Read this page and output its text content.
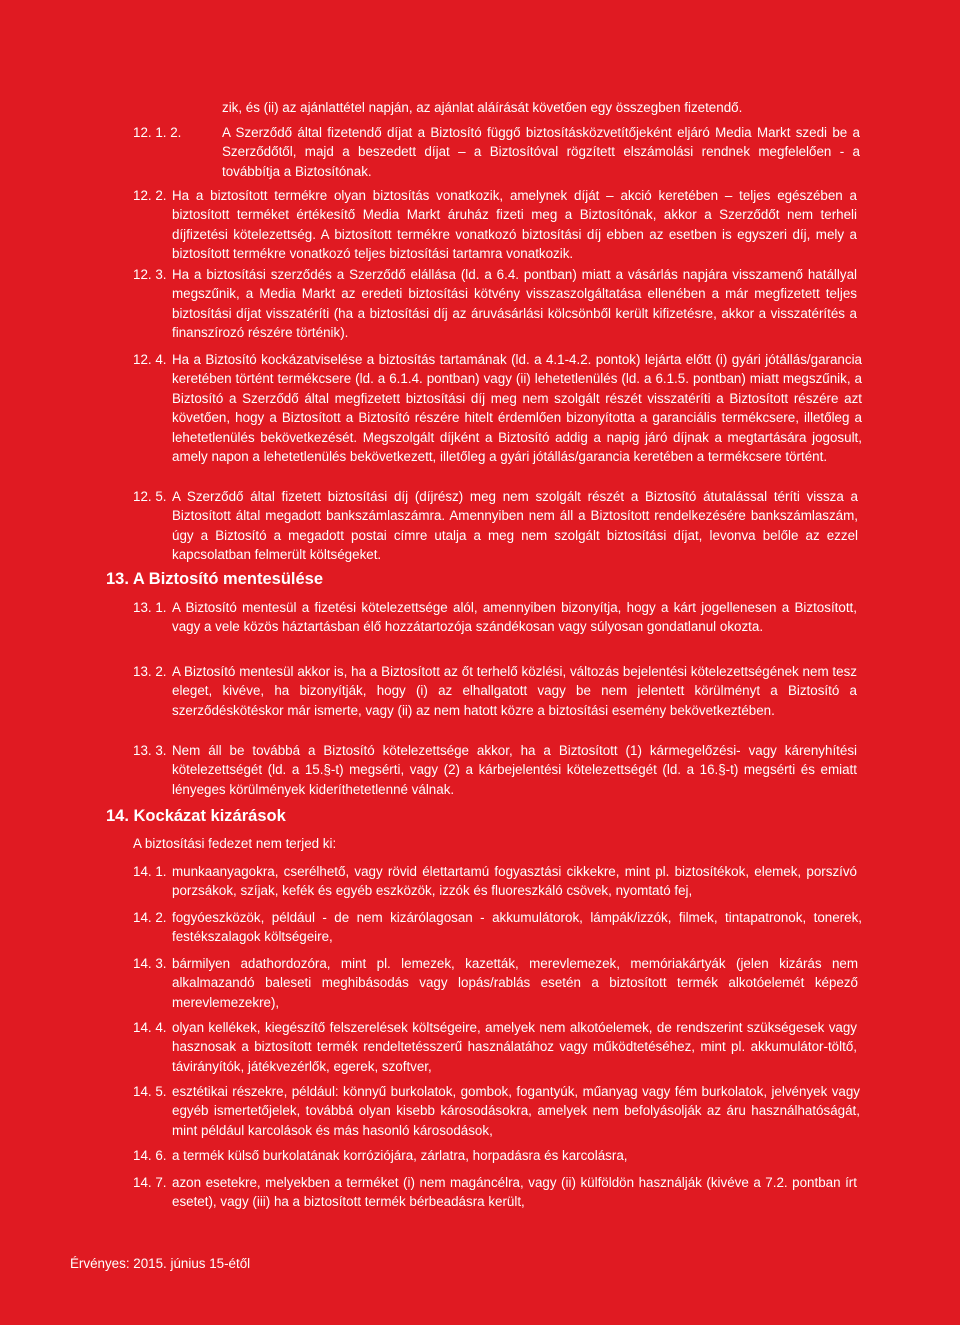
zik, és (ii) az ajánlattétel napján, az ajánlat aláírását követően egy összegben fizetendő.
12. 1. 2.	A Szerződő által fizetendő díjat a Biztosító függő biztosításközvetítőjeként eljáró Media Markt szedi be a Szerződőtől, majd a beszedett díjat – a Biztosítóval rögzített elszámolási rendnek megfelelően - a továbbítja a Biztosítónak.
12. 2. Ha a biztosított termékre olyan biztosítás vonatkozik, amelynek díját – akció keretében – teljes egészében a biztosított terméket értékesítő Media Markt áruház fizeti meg a Biztosítónak, akkor a Szerződőt nem terheli díjfizetési kötelezettség. A biztosított termékre vonatkozó biztosítási díj ebben az esetben is egyszeri díj, mely a biztosított termékre vonatkozó teljes biztosítási tartamra vonatkozik.
12. 3. Ha a biztosítási szerződés a Szerződő elállása (ld. a 6.4. pontban) miatt a vásárlás napjára visszamenő hatállyal megszűnik, a Media Markt az eredeti biztosítási kötvény visszaszolgáltatása ellenében a már megfizetett teljes biztosítási díjat visszatéríti (ha a biztosítási díj az áruvásárlási kölcsönből került kifizetésre, akkor a visszatérítés a finanszírozó részére történik).
12. 4. Ha a Biztosító kockázatviselése a biztosítás tartamának (ld. a 4.1-4.2. pontok) lejárta előtt (i) gyári jótállás/garancia keretében történt termékcsere (ld. a 6.1.4. pontban) vagy (ii) lehetetlenülés (ld. a 6.1.5. pontban) miatt megszűnik, a Biztosító a Szerződő által megfizetett biztosítási díj meg nem szolgált részét visszatéríti a Biztosított részére azt követően, hogy a Biztosított a Biztosító részére hitelt érdemlően bizonyította a garanciális termékcsere, illetőleg a lehetetlenülés bekövetkezését. Megszolgált díjként a Biztosító addig a napig járó díjnak a megtartására jogosult, amely napon a lehetetlenülés bekövetkezett, illetőleg a gyári jótállás/garancia keretében a termékcsere történt.
12. 5. A Szerződő által fizetett biztosítási díj (díjrész) meg nem szolgált részét a Biztosító átutalással téríti vissza a Biztosított által megadott bankszámlaszámra. Amennyiben nem áll a Biztosított rendelkezésére bankszámlaszám, úgy a Biztosító a megadott postai címre utalja a meg nem szolgált biztosítási díjat, levonva belőle az ezzel kapcsolatban felmerült költségeket.
13. A Biztosító mentesülése
13. 1. A Biztosító mentesül a fizetési kötelezettsége alól, amennyiben bizonyítja, hogy a kárt jogellenesen a Biztosított, vagy a vele közös háztartásban élő hozzátartozója szándékosan vagy súlyosan gondatlanul okozta.
13. 2. A Biztosító mentesül akkor is, ha a Biztosított az őt terhelő közlési, változás bejelentési kötelezettségének nem tesz eleget, kivéve, ha bizonyítják, hogy (i) az elhallgatott vagy be nem jelentett körülményt a Biztosító a szerződéskötéskor már ismerte, vagy (ii) az nem hatott közre a biztosítási esemény bekövetkeztében.
13. 3. Nem áll be továbbá a Biztosító kötelezettsége akkor, ha a Biztosított (1) kármegelőzési- vagy kárenyhítési kötelezettségét (ld. a 15.§-t) megsérti, vagy (2) a kárbejelentési kötelezettségét (ld. a 16.§-t) megsérti és emiatt lényeges körülmények kideríthetetlenné válnak.
14. Kockázat kizárások
A biztosítási fedezet nem terjed ki:
14. 1. munkaanyagokra, cserélhető, vagy rövid élettartamú fogyasztási cikkekre, mint pl. biztosítékok, elemek, porszívó porzsákok, szíjak, kefék és egyéb eszközök, izzók és fluoreszkáló csövek, nyomtató fej,
14. 2. fogyóeszközök, például - de nem kizárólagosan - akkumulátorok, lámpák/izzók, filmek, tintapatronok, tonerek, festékszalagok költségeire,
14. 3. bármilyen adathordozóra, mint pl. lemezek, kazetták, merevlemezek, memóriakártyák (jelen kizárás nem alkalmazandó baleseti meghibásodás vagy lopás/rablás esetén a biztosított termék alkotóelemét képező merevlemezekre),
14. 4. olyan kellékek, kiegészítő felszerelések költségeire, amelyek nem alkotóelemek, de rendszerint szükségesek vagy hasznosak a biztosított termék rendeltetésszerű használatához vagy működtetéséhez, mint pl. akkumulátor-töltő, távirányítók, játékvezérlők, egerek, szoftver,
14. 5. esztétikai részekre, például: könnyű burkolatok, gombok, fogantyúk, műanyag vagy fém burkolatok, jelvények vagy egyéb ismertetőjelek, továbbá olyan kisebb károsodásokra, amelyek nem befolyásolják az áru használhatóságát, mint például karcolások és más hasonló károsodások,
14. 6. a termék külső burkolatának korróziójára, zárlatra, horpadásra és karcolásra,
14. 7. azon esetekre, melyekben a terméket (i) nem magáncélra, vagy (ii) külföldön használják (kivéve a 7.2. pontban írt esetet), vagy (iii) ha a biztosított termék bérbeadásra került,
Érvényes: 2015. június 15-étől
